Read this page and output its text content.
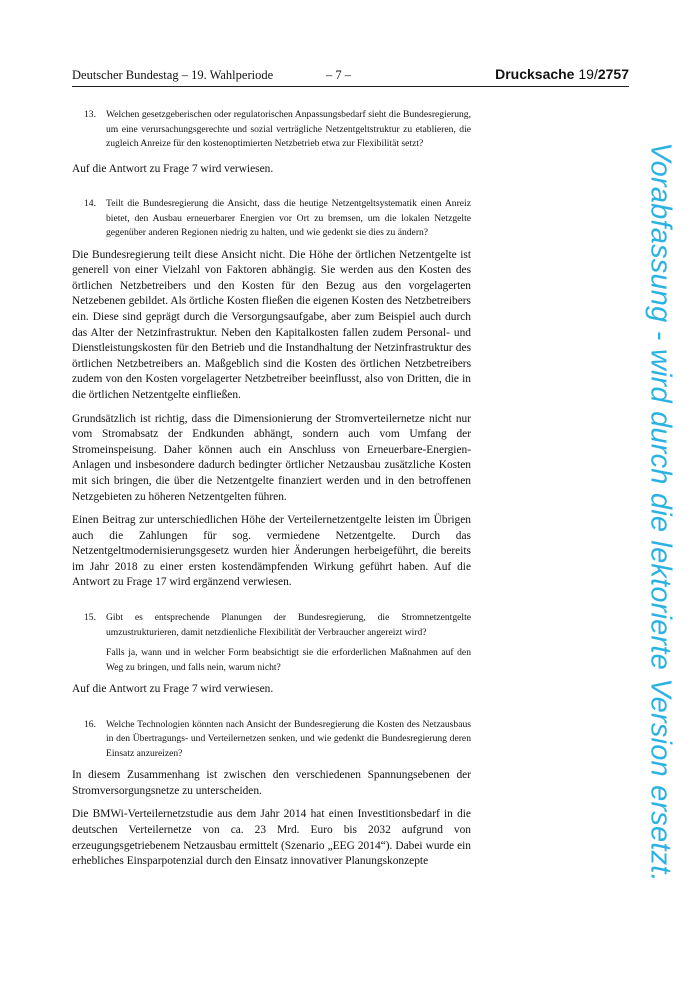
Deutscher Bundestag – 19. Wahlperiode	– 7 –	Drucksache 19/2757
13. Welchen gesetzgeberischen oder regulatorischen Anpassungsbedarf sieht die Bundesregierung, um eine verursachungsgerechte und sozial verträgliche Netzentgeltstruktur zu etablieren, die zugleich Anreize für den kostenoptimierten Netzbetrieb etwa zur Flexibilität setzt?

Auf die Antwort zu Frage 7 wird verwiesen.

14. Teilt die Bundesregierung die Ansicht, dass die heutige Netzentgeltsystematik einen Anreiz bietet, den Ausbau erneuerbarer Energien vor Ort zu bremsen, um die lokalen Netzgelte gegenüber anderen Regionen niedrig zu halten, und wie gedenkt sie dies zu ändern?

Die Bundesregierung teilt diese Ansicht nicht. Die Höhe der örtlichen Netzentgelte ist generell von einer Vielzahl von Faktoren abhängig. Sie werden aus den Kosten des örtlichen Netzbetreibers und den Kosten für den Bezug aus den vorgelagerten Netzebenen gebildet. Als örtliche Kosten fließen die eigenen Kosten des Netzbetreibers ein. Diese sind geprägt durch die Versorgungsaufgabe, aber zum Beispiel auch durch das Alter der Netzinfrastruktur. Neben den Kapitalkosten fallen zudem Personal- und Dienstleistungskosten für den Betrieb und die Instandhaltung der Netzinfrastruktur des örtlichen Netzbetreibers an. Maßgeblich sind die Kosten des örtlichen Netzbetreibers zudem von den Kosten vorgelagerter Netzbetreiber beeinflusst, also von Dritten, die in die örtlichen Netzentgelte einfließen.

Grundsätzlich ist richtig, dass die Dimensionierung der Stromverteilernetze nicht nur vom Stromabsatz der Endkunden abhängt, sondern auch vom Umfang der Stromeinspeisung. Daher können auch ein Anschluss von Erneuerbare-Energien-Anlagen und insbesondere dadurch bedingter örtlicher Netzausbau zusätzliche Kosten mit sich bringen, die über die Netzentgelte finanziert werden und in den betroffenen Netzgebieten zu höheren Netzentgelten führen.

Einen Beitrag zur unterschiedlichen Höhe der Verteilernetzentgelte leisten im Übrigen auch die Zahlungen für sog. vermiedene Netzentgelte. Durch das Netzentgeltmodernisierungsgesetz wurden hier Änderungen herbeigeführt, die bereits im Jahr 2018 zu einer ersten kostendämpfenden Wirkung geführt haben. Auf die Antwort zu Frage 17 wird ergänzend verwiesen.

15. Gibt es entsprechende Planungen der Bundesregierung, die Stromnetzentgelte umzustrukturieren, damit netzdienliche Flexibilität der Verbraucher angereizt wird?

Falls ja, wann und in welcher Form beabsichtigt sie die erforderlichen Maßnahmen auf den Weg zu bringen, und falls nein, warum nicht?

Auf die Antwort zu Frage 7 wird verwiesen.

16. Welche Technologien könnten nach Ansicht der Bundesregierung die Kosten des Netzausbaus in den Übertragungs- und Verteilernetzen senken, und wie gedenkt die Bundesregierung deren Einsatz anzureizen?

In diesem Zusammenhang ist zwischen den verschiedenen Spannungsebenen der Stromversorgungsnetze zu unterscheiden.

Die BMWi-Verteilernetzstudie aus dem Jahr 2014 hat einen Investitionsbedarf in die deutschen Verteilernetze von ca. 23 Mrd. Euro bis 2032 aufgrund von erzeugungsgetriebenem Netzausbau ermittelt (Szenario „EEG 2014“). Dabei wurde ein erhebliches Einsparpotenzial durch den Einsatz innovativer Planungskonzepte	Vorabfassung - wird durch die lektorierte Version ersetzt.
